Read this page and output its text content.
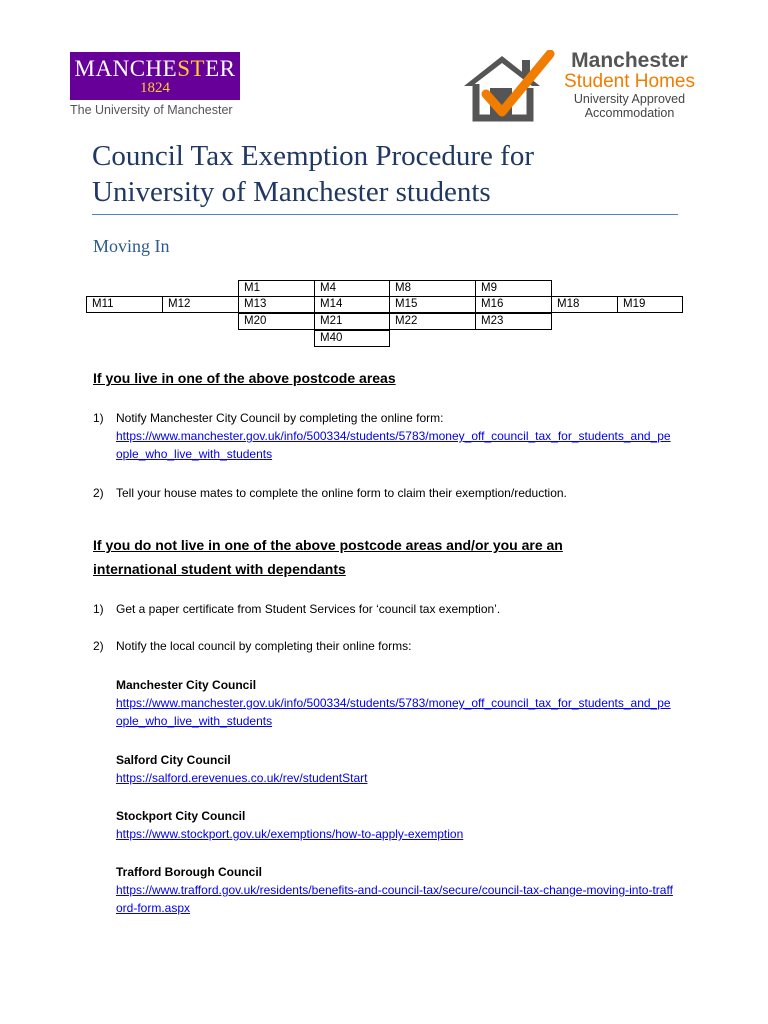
MANCHESTER
1824
The University of Manchester
Manchester
Student Homes
University Approved
Accommodation
Council Tax Exemption Procedure for
University of Manchester students
Moving In
M1	M4	M8	M9
M11	M12	M13	M14	M15	M16	M18	M19
M20	M21	M22	M23
M40
If you live in one of the above postcode areas
1) Notify Manchester City Council by completing the online form:
https://www.manchester.gov.uk/info/500334/students/5783/money_off_council_tax_for_students_and_people_who_live_with_students
2) Tell your house mates to complete the online form to claim their exemption/reduction.
If you do not live in one of the above postcode areas and/or you are an
international student with dependants
1) Get a paper certificate from Student Services for ‘council tax exemption’.
2) Notify the local council by completing their online forms:
Manchester City Council
https://www.manchester.gov.uk/info/500334/students/5783/money_off_council_tax_for_students_and_people_who_live_with_students
Salford City Council
https://salford.erevenues.co.uk/rev/studentStart
Stockport City Council
https://www.stockport.gov.uk/exemptions/how-to-apply-exemption
Trafford Borough Council
https://www.trafford.gov.uk/residents/benefits-and-council-tax/secure/council-tax-change-moving-into-trafford-form.aspx
